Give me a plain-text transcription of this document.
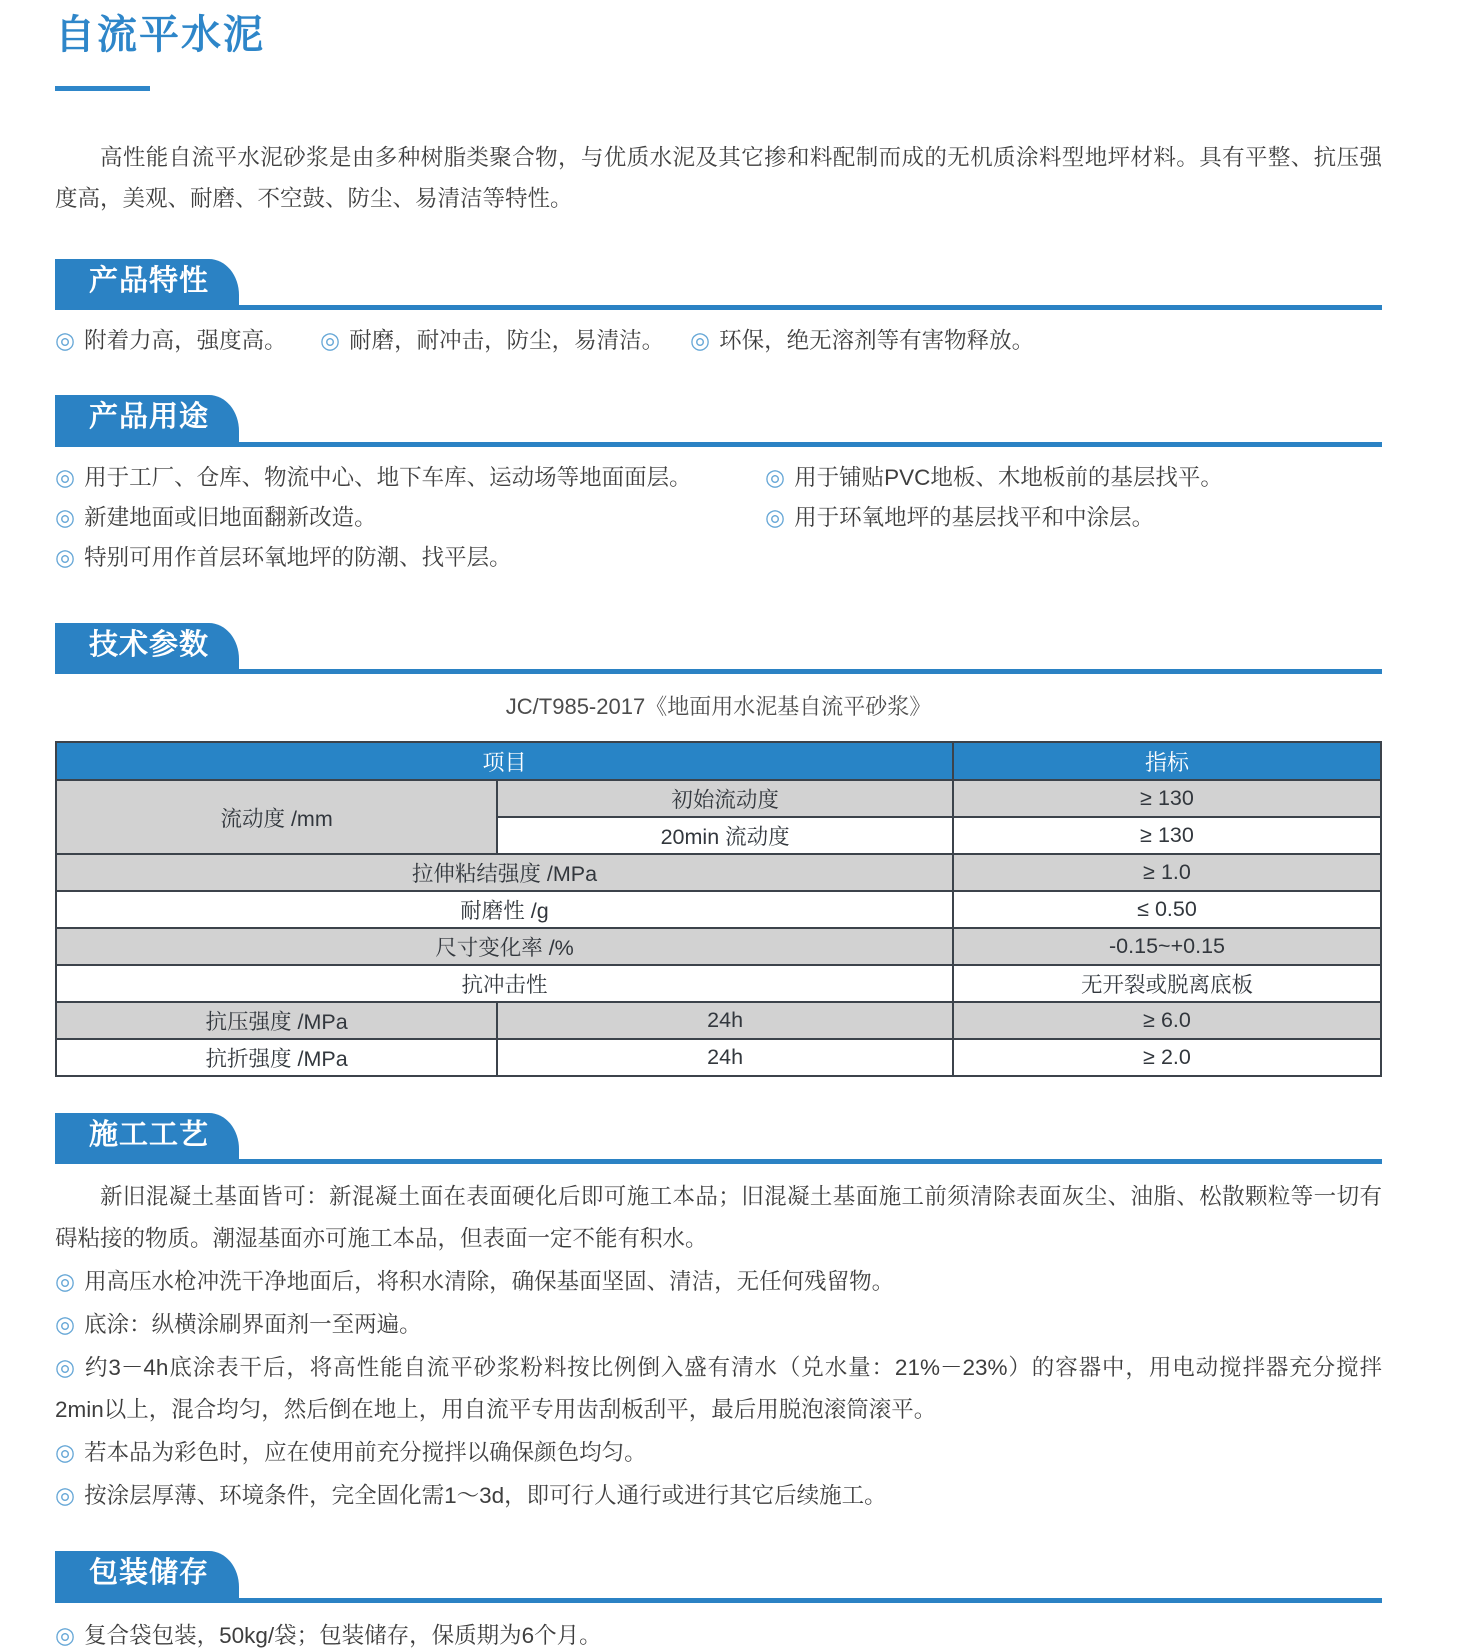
自流平水泥

高性能自流平水泥砂浆是由多种树脂类聚合物，与优质水泥及其它掺和料配制而成的无机质涂料型地坪材料。具有平整、抗压强度高，美观、耐磨、不空鼓、防尘、易清洁等特性。

产品特性
◎ 附着力高，强度高。	◎ 耐磨，耐冲击，防尘，易清洁。	◎ 环保，绝无溶剂等有害物释放。
产品用途
◎ 用于工厂、仓库、物流中心、地下车库、运动场等地面面层。
◎ 新建地面或旧地面翻新改造。
◎ 特别可用作首层环氧地坪的防潮、找平层。
◎ 用于铺贴PVC地板、木地板前的基层找平。
◎ 用于环氧地坪的基层找平和中涂层。
技术参数

JC/T985-2017《地面用水泥基自流平砂浆》

项目		指标
流动度 /mm	初始流动度	≥ 130
	20min 流动度	≥ 130
拉伸粘结强度 /MPa		≥ 1.0
耐磨性 /g		≤ 0.50
尺寸变化率 /%		-0.15~+0.15
抗冲击性		无开裂或脱离底板
抗压强度 /MPa	24h	≥ 6.0
抗折强度 /MPa	24h	≥ 2.0
施工工艺

新旧混凝土基面皆可：新混凝土面在表面硬化后即可施工本品；旧混凝土基面施工前须清除表面灰尘、油脂、松散颗粒等一切有碍粘接的物质。潮湿基面亦可施工本品，但表面一定不能有积水。

◎ 用高压水枪冲洗干净地面后，将积水清除，确保基面坚固、清洁，无任何残留物。

◎ 底涂：纵横涂刷界面剂一至两遍。

◎ 约3－4h底涂表干后，将高性能自流平砂浆粉料按比例倒入盛有清水（兑水量：21%－23%）的容器中，用电动搅拌器充分搅拌2min以上，混合均匀，然后倒在地上，用自流平专用齿刮板刮平，最后用脱泡滚筒滚平。

◎ 若本品为彩色时，应在使用前充分搅拌以确保颜色均匀。

◎ 按涂层厚薄、环境条件，完全固化需1～3d，即可行人通行或进行其它后续施工。

包装储存
◎ 复合袋包装，50kg/袋；包装储存，保质期为6个月。
